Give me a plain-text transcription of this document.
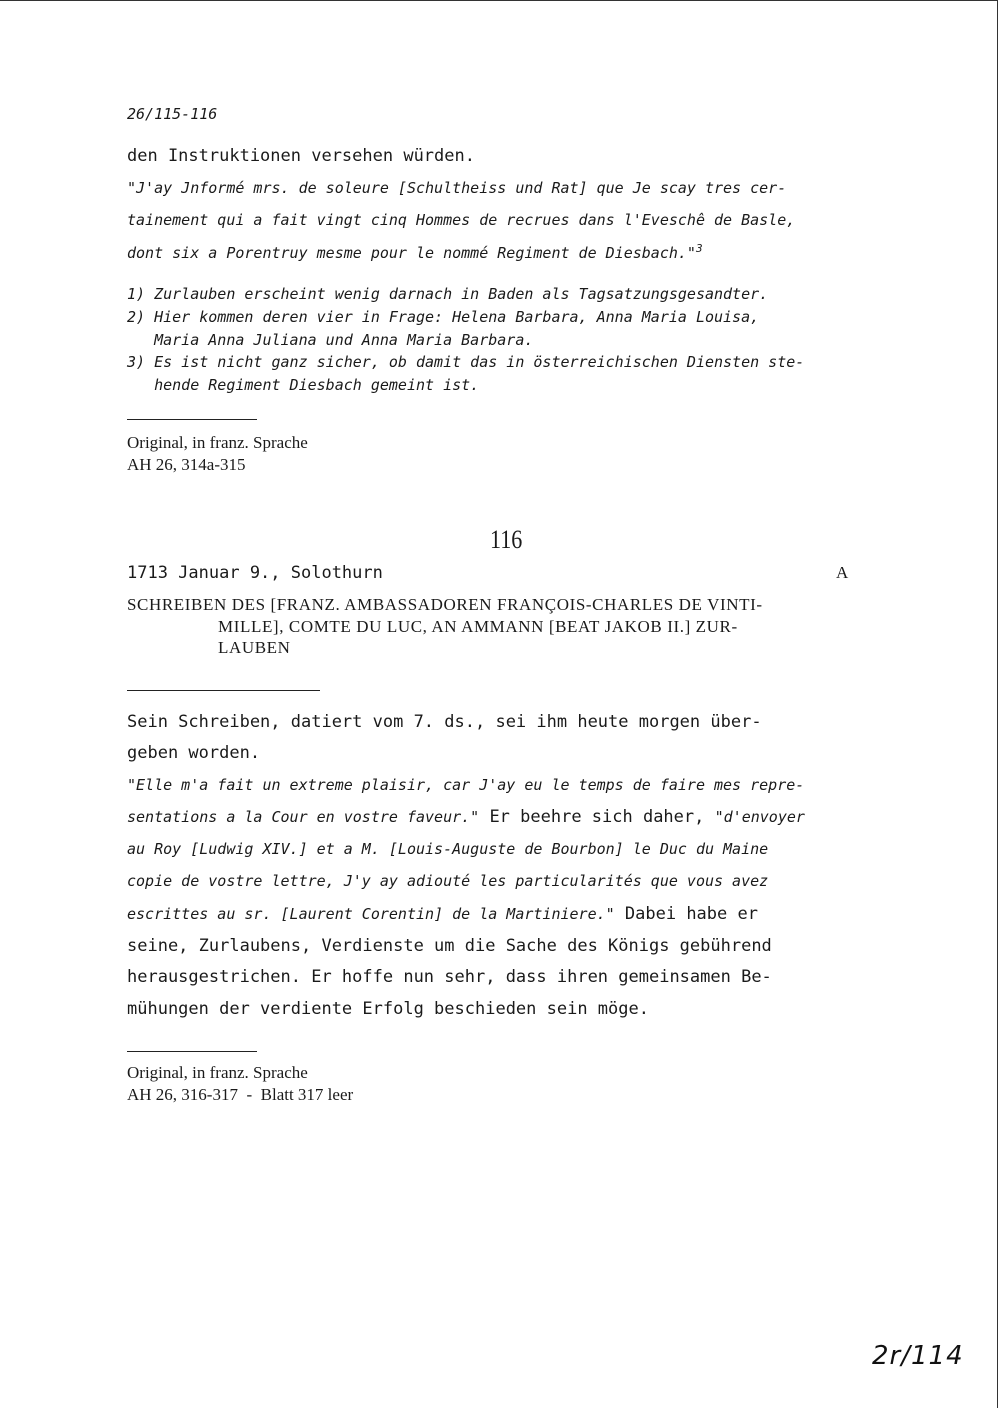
26/115-116
den Instruktionen versehen würden.
"J'ay Jnformé mrs. de soleure [Schultheiss und Rat] que Je scay tres cer-
tainement qui a fait vingt cinq Hommes de recrues dans l'Eveschê de Basle,
dont six a Porentruy mesme pour le nommé Regiment de Diesbach."$^3$
1) Zurlauben erscheint wenig darnach in Baden als Tagsatzungsgesandter.
2) Hier kommen deren vier in Frage: Helena Barbara, Anna Maria Louisa,
Maria Anna Juliana und Anna Maria Barbara.
3) Es ist nicht ganz sicher, ob damit das in österreichischen Diensten ste-
hende Regiment Diesbach gemeint ist.
Original, in franz. Sprache
AH 26, 314a-315
116
1713 Januar 9., Solothurn	A
SCHREIBEN DES [FRANZ. AMBASSADOREN FRANÇOIS-CHARLES DE VINTI-
MILLE], COMTE DU LUC, AN AMMANN [BEAT JAKOB II.] ZUR-
LAUBEN
Sein Schreiben, datiert vom 7. ds., sei ihm heute morgen über-
geben worden.
"Elle m'a fait un extreme plaisir, car J'ay eu le temps de faire mes repre-
sentations a la Cour en vostre faveur." Er beehre sich daher, "d'envoyer
au Roy [Ludwig XIV.] et a M. [Louis-Auguste de Bourbon] le Duc du Maine
copie de vostre lettre, J'y ay adiouté les particularités que vous avez
escrittes au sr. [Laurent Corentin] de la Martiniere." Dabei habe er
seine, Zurlaubens, Verdienste um die Sache des Königs gebührend
herausgestrichen. Er hoffe nun sehr, dass ihren gemeinsamen Be-
mühungen der verdiente Erfolg beschieden sein möge.
Original, in franz. Sprache
AH 26, 316-317  -  Blatt 317 leer
2r/114
